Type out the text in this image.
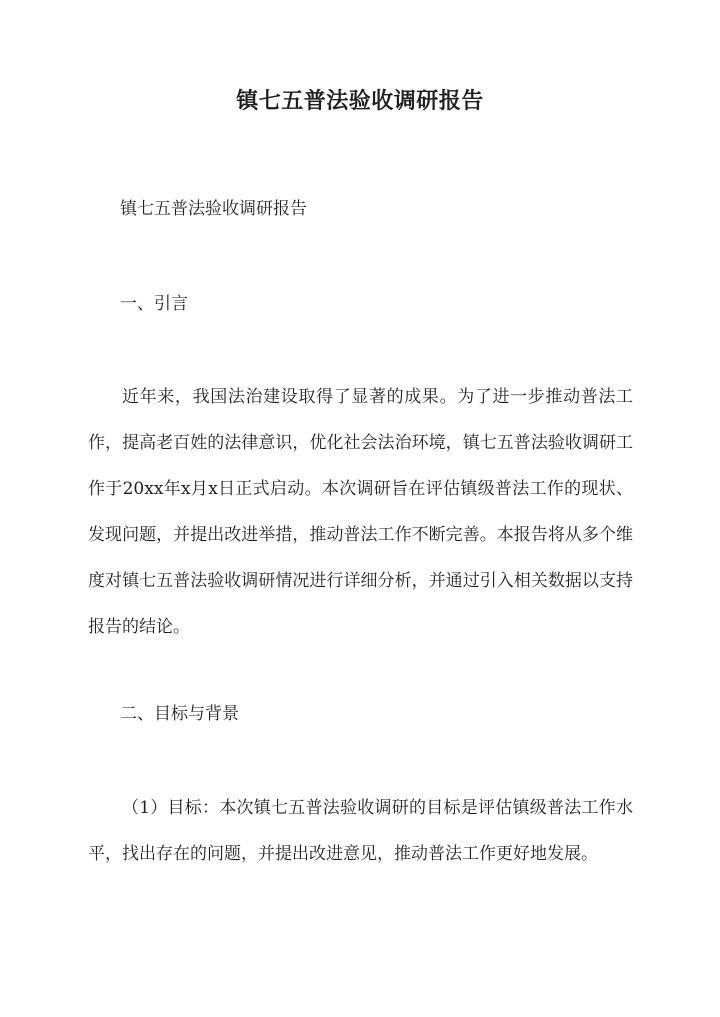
镇七五普法验收调研报告
镇七五普法验收调研报告
一、引言
近年来，我国法治建设取得了显著的成果。为了进一步推动普法工作，提高老百姓的法律意识，优化社会法治环境，镇七五普法验收调研工作于20xx年x月x日正式启动。本次调研旨在评估镇级普法工作的现状、发现问题，并提出改进举措，推动普法工作不断完善。本报告将从多个维度对镇七五普法验收调研情况进行详细分析，并通过引入相关数据以支持报告的结论。
二、目标与背景
（1）目标：本次镇七五普法验收调研的目标是评估镇级普法工作水平，找出存在的问题，并提出改进意见，推动普法工作更好地发展。
